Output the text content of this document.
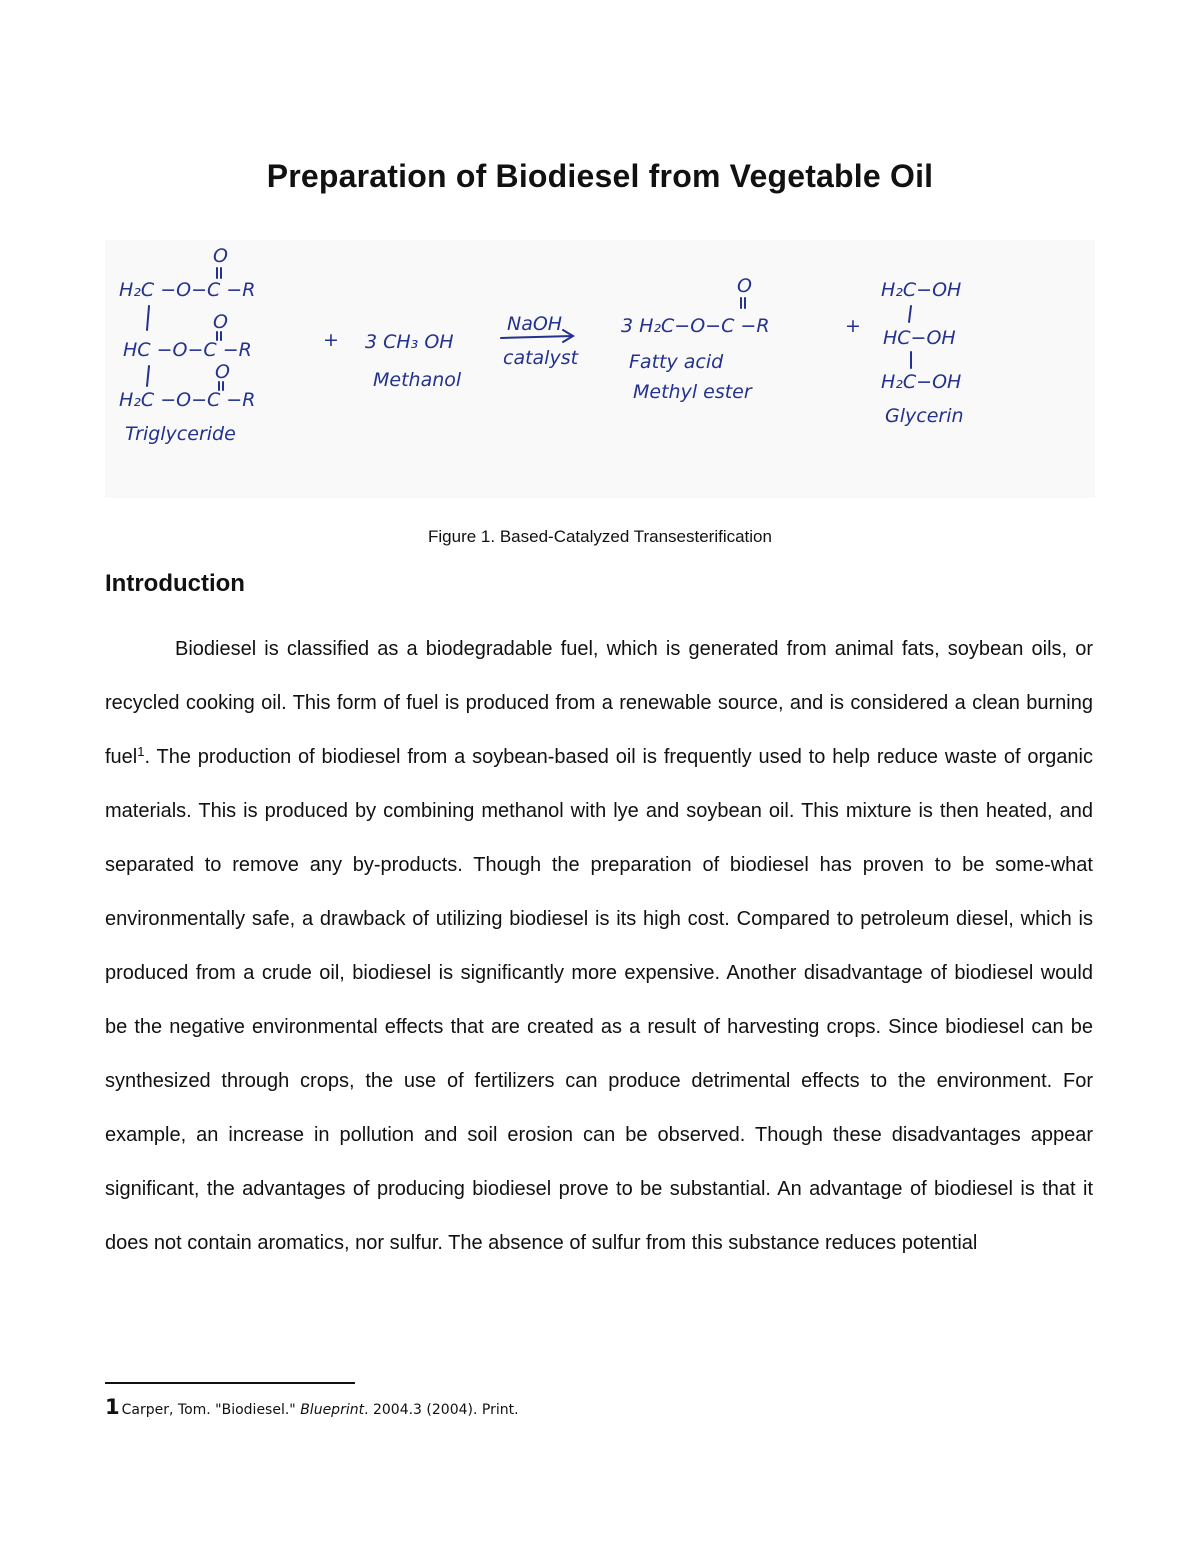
Preparation of Biodiesel from Vegetable Oil
O
H₂C −O−C −R
O
HC −O−C −R
O
H₂C −O−C −R
Triglyceride
+ 3 CH₃ OH
Methanol
NaOH
catalyst
O
3 H₂C−O−C −R
Fatty acid
Methyl ester
+
H₂C−OH
HC−OH
H₂C−OH
Glycerin
Figure 1. Based-Catalyzed Transesterification
Introduction
Biodiesel is classified as a biodegradable fuel, which is generated from animal fats, soybean oils, or recycled cooking oil. This form of fuel is produced from a renewable source, and is considered a clean burning fuel$^1$. The production of biodiesel from a soybean-based oil is frequently used to help reduce waste of organic materials. This is produced by combining methanol with lye and soybean oil. This mixture is then heated, and separated to remove any by-products. Though the preparation of biodiesel has proven to be some-what environmentally safe, a drawback of utilizing biodiesel is its high cost. Compared to petroleum diesel, which is produced from a crude oil, biodiesel is significantly more expensive. Another disadvantage of biodiesel would be the negative environmental effects that are created as a result of harvesting crops. Since biodiesel can be synthesized through crops, the use of fertilizers can produce detrimental effects to the environment. For example, an increase in pollution and soil erosion can be observed. Though these disadvantages appear significant, the advantages of producing biodiesel prove to be substantial. An advantage of biodiesel is that it does not contain aromatics, nor sulfur. The absence of sulfur from this substance reduces potential
1 Carper, Tom. "Biodiesel." Blueprint. 2004.3 (2004). Print.
